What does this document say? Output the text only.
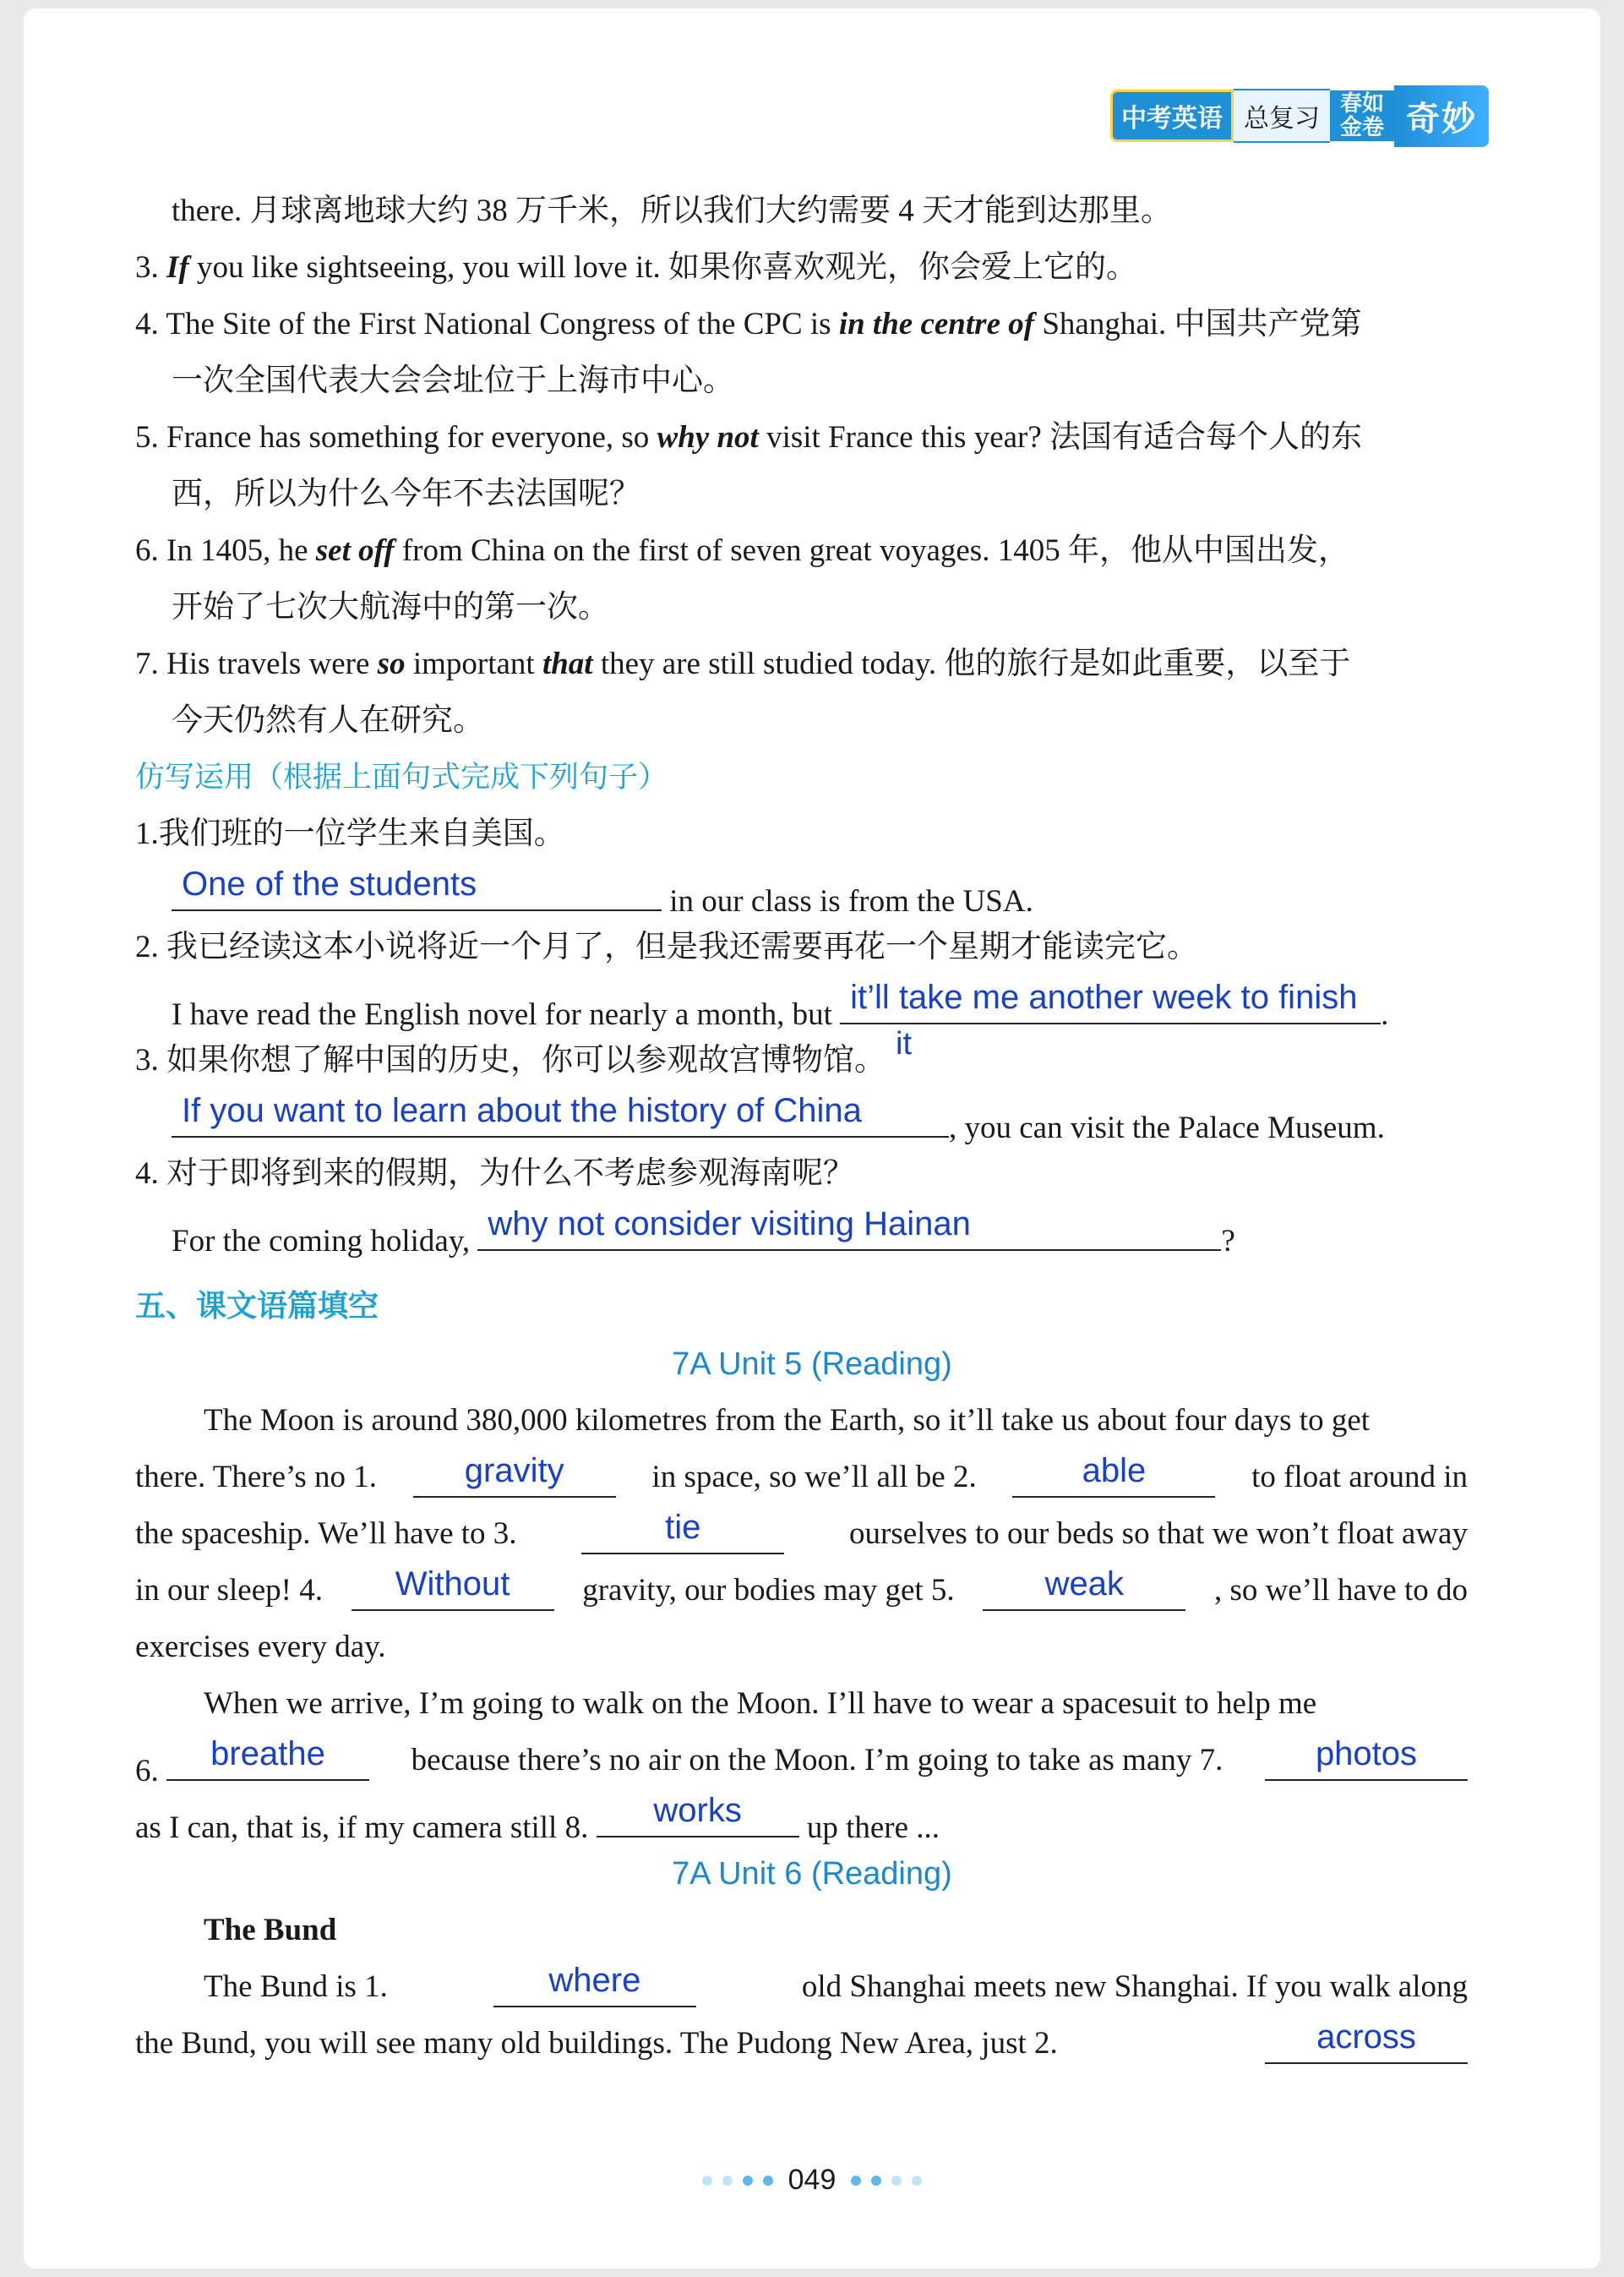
中考英语 总复习 春如金卷 奇妙
there. 月球离地球大约 38 万千米，所以我们大约需要 4 天才能到达那里。
3. If you like sightseeing, you will love it. 如果你喜欢观光，你会爱上它的。
4. The Site of the First National Congress of the CPC is in the centre of Shanghai. 中国共产党第
一次全国代表大会会址位于上海市中心。
5. France has something for everyone, so why not visit France this year? 法国有适合每个人的东
西，所以为什么今年不去法国呢？
6. In 1405, he set off from China on the first of seven great voyages. 1405 年，他从中国出发，
开始了七次大航海中的第一次。
7. His travels were so important that they are still studied today. 他的旅行是如此重要，以至于
今天仍然有人在研究。
仿写运用（根据上面句式完成下列句子）
1.我们班的一位学生来自美国。
One of the students	in our class is from the USA.
2. 我已经读这本小说将近一个月了，但是我还需要再花一个星期才能读完它。
I have read the English novel for nearly a month, but it’ll take me another week to finish .
3. 如果你想了解中国的历史，你可以参观故宫博物馆。 it
If you want to learn about the history of China	, you can visit the Palace Museum.
4. 对于即将到来的假期，为什么不考虑参观海南呢？
For the coming holiday, why not consider visiting Hainan	?
五、课文语篇填空
7A Unit 5 (Reading)
The Moon is around 380,000 kilometres from the Earth, so it’ll take us about four days to get
there. There’s no 1.	gravity	in space, so we’ll all be 2.	able	to float around in
the spaceship. We’ll have to 3.	tie	ourselves to our beds so that we won’t float away
in our sleep! 4.	Without	gravity, our bodies may get 5.	weak	, so we’ll have to do
exercises every day.
When we arrive, I’m going to walk on the Moon. I’ll have to wear a spacesuit to help me
6.	breathe	because there’s no air on the Moon. I’m going to take as many 7.	photos
as I can, that is, if my camera still 8.	works	up there ...
7A Unit 6 (Reading)
The Bund
The Bund is 1.	where	old Shanghai meets new Shanghai. If you walk along
the Bund, you will see many old buildings. The Pudong New Area, just 2.	across
049
